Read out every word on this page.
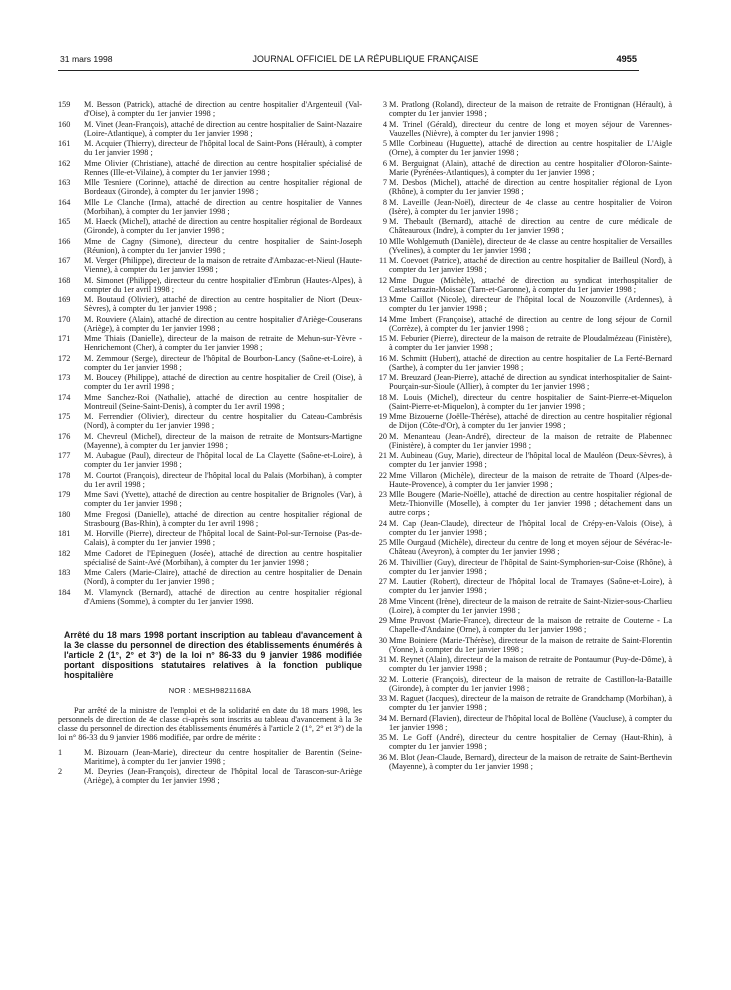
31 mars 1998	JOURNAL OFFICIEL DE LA RÉPUBLIQUE FRANÇAISE	4955
159	M. Besson (Patrick), attaché de direction au centre hospitalier d'Argenteuil (Val-d'Oise), à compter du 1er janvier 1998 ;
160	M. Vinet (Jean-François), attaché de direction au centre hospitalier de Saint-Nazaire (Loire-Atlantique), à compter du 1er janvier 1998 ;
161	M. Acquier (Thierry), directeur de l'hôpital local de Saint-Pons (Hérault), à compter du 1er janvier 1998 ;
162	Mme Olivier (Christiane), attaché de direction au centre hospitalier spécialisé de Rennes (Ille-et-Vilaine), à compter du 1er janvier 1998 ;
163	Mlle Tesniere (Corinne), attaché de direction au centre hospitalier régional de Bordeaux (Gironde), à compter du 1er janvier 1998 ;
164	Mlle Le Clanche (Irma), attaché de direction au centre hospitalier de Vannes (Morbihan), à compter du 1er janvier 1998 ;
165	M. Haeck (Michel), attaché de direction au centre hospitalier régional de Bordeaux (Gironde), à compter du 1er janvier 1998 ;
166	Mme de Cagny (Simone), directeur du centre hospitalier de Saint-Joseph (Réunion), à compter du 1er janvier 1998 ;
167	M. Verger (Philippe), directeur de la maison de retraite d'Ambazac-et-Nieul (Haute-Vienne), à compter du 1er janvier 1998 ;
168	M. Simonet (Philippe), directeur du centre hospitalier d'Embrun (Hautes-Alpes), à compter du 1er avril 1998 ;
169	M. Boutaud (Olivier), attaché de direction au centre hospitalier de Niort (Deux-Sèvres), à compter du 1er janvier 1998 ;
170	M. Rouviere (Alain), attaché de direction au centre hospitalier d'Ariège-Couserans (Ariège), à compter du 1er janvier 1998 ;
171	Mme Thiais (Danielle), directeur de la maison de retraite de Mehun-sur-Yèvre - Henrichemont (Cher), à compter du 1er janvier 1998 ;
172	M. Zemmour (Serge), directeur de l'hôpital de Bourbon-Lancy (Saône-et-Loire), à compter du 1er janvier 1998 ;
173	M. Boucey (Philippe), attaché de direction au centre hospitalier de Creil (Oise), à compter du 1er avril 1998 ;
174	Mme Sanchez-Roi (Nathalie), attaché de direction au centre hospitalier de Montreuil (Seine-Saint-Denis), à compter du 1er avril 1998 ;
175	M. Ferrendier (Olivier), directeur du centre hospitalier du Cateau-Cambrésis (Nord), à compter du 1er janvier 1998 ;
176	M. Chevreul (Michel), directeur de la maison de retraite de Montsurs-Martigne (Mayenne), à compter du 1er janvier 1998 ;
177	M. Aubague (Paul), directeur de l'hôpital local de La Clayette (Saône-et-Loire), à compter du 1er janvier 1998 ;
178	M. Courtot (François), directeur de l'hôpital local du Palais (Morbihan), à compter du 1er avril 1998 ;
179	Mme Savi (Yvette), attaché de direction au centre hospitalier de Brignoles (Var), à compter du 1er janvier 1998 ;
180	Mme Fregosi (Danielle), attaché de direction au centre hospitalier régional de Strasbourg (Bas-Rhin), à compter du 1er avril 1998 ;
181	M. Horville (Pierre), directeur de l'hôpital local de Saint-Pol-sur-Ternoise (Pas-de-Calais), à compter du 1er janvier 1998 ;
182	Mme Cadoret de l'Epineguen (Josée), attaché de direction au centre hospitalier spécialisé de Saint-Avé (Morbihan), à compter du 1er janvier 1998 ;
183	Mme Calers (Marie-Claire), attaché de direction au centre hospitalier de Denain (Nord), à compter du 1er janvier 1998 ;
184	M. Vlamynck (Bernard), attaché de direction au centre hospitalier régional d'Amiens (Somme), à compter du 1er janvier 1998.
Arrêté du 18 mars 1998 portant inscription au tableau d'avancement à la 3e classe du personnel de direction des établissements énumérés à l'article 2 (1°, 2° et 3°) de la loi n° 86-33 du 9 janvier 1986 modifiée portant dispositions statutaires relatives à la fonction publique hospitalière
NOR : MESH9821168A
Par arrêté de la ministre de l'emploi et de la solidarité en date du 18 mars 1998, les personnels de direction de 4e classe ci-après sont inscrits au tableau d'avancement à la 3e classe du personnel de direction des établissements énumérés à l'article 2 (1°, 2° et 3°) de la loi n° 86-33 du 9 janvier 1986 modifiée, par ordre de mérite :
1	M. Bizouarn (Jean-Marie), directeur du centre hospitalier de Barentin (Seine-Maritime), à compter du 1er janvier 1998 ;
2	M. Deyries (Jean-François), directeur de l'hôpital local de Tarascon-sur-Ariège (Ariège), à compter du 1er janvier 1998 ;
3 M. Pratlong (Roland), directeur de la maison de retraite de Frontignan (Hérault), à compter du 1er janvier 1998 ;
4 M. Trinel (Gérald), directeur du centre de long et moyen séjour de Varennes-Vauzelles (Nièvre), à compter du 1er janvier 1998 ;
5 Mlle Corbineau (Huguette), attaché de direction au centre hospitalier de L'Aigle (Orne), à compter du 1er janvier 1998 ;
6 M. Berguignat (Alain), attaché de direction au centre hospitalier d'Oloron-Sainte-Marie (Pyrénées-Atlantiques), à compter du 1er janvier 1998 ;
7 M. Desbos (Michel), attaché de direction au centre hospitalier régional de Lyon (Rhône), à compter du 1er janvier 1998 ;
8 M. Laveille (Jean-Noël), directeur de 4e classe au centre hospitalier de Voiron (Isère), à compter du 1er janvier 1998 ;
9 M. Thebault (Bernard), attaché de direction au centre de cure médicale de Châteauroux (Indre), à compter du 1er janvier 1998 ;
10 Mlle Wohlgemuth (Danièle), directeur de 4e classe au centre hospitalier de Versailles (Yvelines), à compter du 1er janvier 1998 ;
11 M. Coevoet (Patrice), attaché de direction au centre hospitalier de Bailleul (Nord), à compter du 1er janvier 1998 ;
12 Mme Dugue (Michèle), attaché de direction au syndicat interhospitalier de Castelsarrazin-Moissac (Tarn-et-Garonne), à compter du 1er janvier 1998 ;
13 Mme Caillot (Nicole), directeur de l'hôpital local de Nouzonville (Ardennes), à compter du 1er janvier 1998 ;
14 Mme Imbert (Françoise), attaché de direction au centre de long séjour de Cornil (Corrèze), à compter du 1er janvier 1998 ;
15 M. Feburier (Pierre), directeur de la maison de retraite de Ploudalmézeau (Finistère), à compter du 1er janvier 1998 ;
16 M. Schmitt (Hubert), attaché de direction au centre hospitalier de La Ferté-Bernard (Sarthe), à compter du 1er janvier 1998 ;
17 M. Breuzard (Jean-Pierre), attaché de direction au syndicat interhospitalier de Saint-Pourçain-sur-Sioule (Allier), à compter du 1er janvier 1998 ;
18 M. Louis (Michel), directeur du centre hospitalier de Saint-Pierre-et-Miquelon (Saint-Pierre-et-Miquelon), à compter du 1er janvier 1998 ;
19 Mme Bizouerne (Joëlle-Thérèse), attaché de direction au centre hospitalier régional de Dijon (Côte-d'Or), à compter du 1er janvier 1998 ;
20 M. Menanteau (Jean-André), directeur de la maison de retraite de Plabennec (Finistère), à compter du 1er janvier 1998 ;
21 M. Aubineau (Guy, Marie), directeur de l'hôpital local de Mauléon (Deux-Sèvres), à compter du 1er janvier 1998 ;
22 Mme Villaron (Michèle), directeur de la maison de retraite de Thoard (Alpes-de-Haute-Provence), à compter du 1er janvier 1998 ;
23 Mlle Bougere (Marie-Noëlle), attaché de direction au centre hospitalier régional de Metz-Thionville (Moselle), à compter du 1er janvier 1998 ; détachement dans un autre corps ;
24 M. Cap (Jean-Claude), directeur de l'hôpital local de Crépy-en-Valois (Oise), à compter du 1er janvier 1998 ;
25 Mlle Ourgaud (Michèle), directeur du centre de long et moyen séjour de Sévérac-le-Château (Aveyron), à compter du 1er janvier 1998 ;
26 M. Thivillier (Guy), directeur de l'hôpital de Saint-Symphorien-sur-Coise (Rhône), à compter du 1er janvier 1998 ;
27 M. Lautier (Robert), directeur de l'hôpital local de Tramayes (Saône-et-Loire), à compter du 1er janvier 1998 ;
28 Mme Vincent (Irène), directeur de la maison de retraite de Saint-Nizier-sous-Charlieu (Loire), à compter du 1er janvier 1998 ;
29 Mme Pruvost (Marie-France), directeur de la maison de retraite de Couterne - La Chapelle-d'Andaine (Orne), à compter du 1er janvier 1998 ;
30 Mme Boiniere (Marie-Thérèse), directeur de la maison de retraite de Saint-Florentin (Yonne), à compter du 1er janvier 1998 ;
31 M. Reynet (Alain), directeur de la maison de retraite de Pontaumur (Puy-de-Dôme), à compter du 1er janvier 1998 ;
32 M. Lotterie (François), directeur de la maison de retraite de Castillon-la-Bataille (Gironde), à compter du 1er janvier 1998 ;
33 M. Raguet (Jacques), directeur de la maison de retraite de Grandchamp (Morbihan), à compter du 1er janvier 1998 ;
34 M. Bernard (Flavien), directeur de l'hôpital local de Bollène (Vaucluse), à compter du 1er janvier 1998 ;
35 M. Le Goff (André), directeur du centre hospitalier de Cernay (Haut-Rhin), à compter du 1er janvier 1998 ;
36 M. Blot (Jean-Claude, Bernard), directeur de la maison de retraite de Saint-Berthevin (Mayenne), à compter du 1er janvier 1998 ;
